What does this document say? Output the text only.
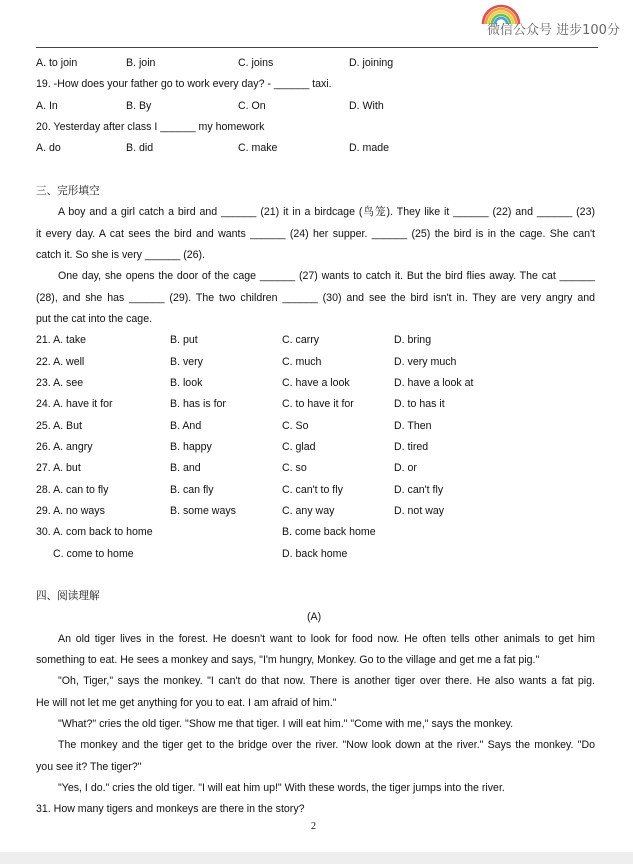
微信公众号 进步100分
A. to join	B. join	C. joins	D. joining
19. -How does your father go to work every day? - ______ taxi.
A. In	B. By	C. On	D. With
20. Yesterday after class I ______ my homework
A. do	B. did	C. make	D. made
三、完形填空
A boy and a girl catch a bird and ______ (21) it in a birdcage (鸟笼). They like it ______ (22) and ______ (23)
it every day. A cat sees the bird and wants ______ (24) her supper. ______ (25) the bird is in the cage. She can't
catch it. So she is very ______ (26).
One day, she opens the door of the cage ______ (27) wants to catch it. But the bird flies away. The cat ______
(28), and she has ______ (29). The two children ______ (30) and see the bird isn't in. They are very angry and
put the cat into the cage.
21. A. take	B. put	C. carry	D. bring
22. A. well	B. very	C. much	D. very much
23. A. see	B. look	C. have a look	D. have a look at
24. A. have it for	B. has is for	C. to have it for	D. to has it
25. A. But	B. And	C. So	D. Then
26. A. angry	B. happy	C. glad	D. tired
27. A. but	B. and	C. so	D. or
28. A. can to fly	B. can fly	C. can't to fly	D. can't fly
29. A. no ways	B. some ways	C. any way	D. not way
30. A. com back to home	B. come back home
C. come to home	D. back home
四、阅读理解
(A)
An old tiger lives in the forest. He doesn't want to look for food now. He often tells other animals to get him
something to eat. He sees a monkey and says, "I'm hungry, Monkey. Go to the village and get me a fat pig."
"Oh, Tiger," says the monkey. "I can't do that now. There is another tiger over there. He also wants a fat pig.
He will not let me get anything for you to eat. I am afraid of him."
"What?" cries the old tiger. "Show me that tiger. I will eat him." "Come with me," says the monkey.
The monkey and the tiger get to the bridge over the river. "Now look down at the river." Says the monkey. "Do
you see it? The tiger?"
"Yes, I do." cries the old tiger. "I will eat him up!" With these words, the tiger jumps into the river.
31. How many tigers and monkeys are there in the story?
2
